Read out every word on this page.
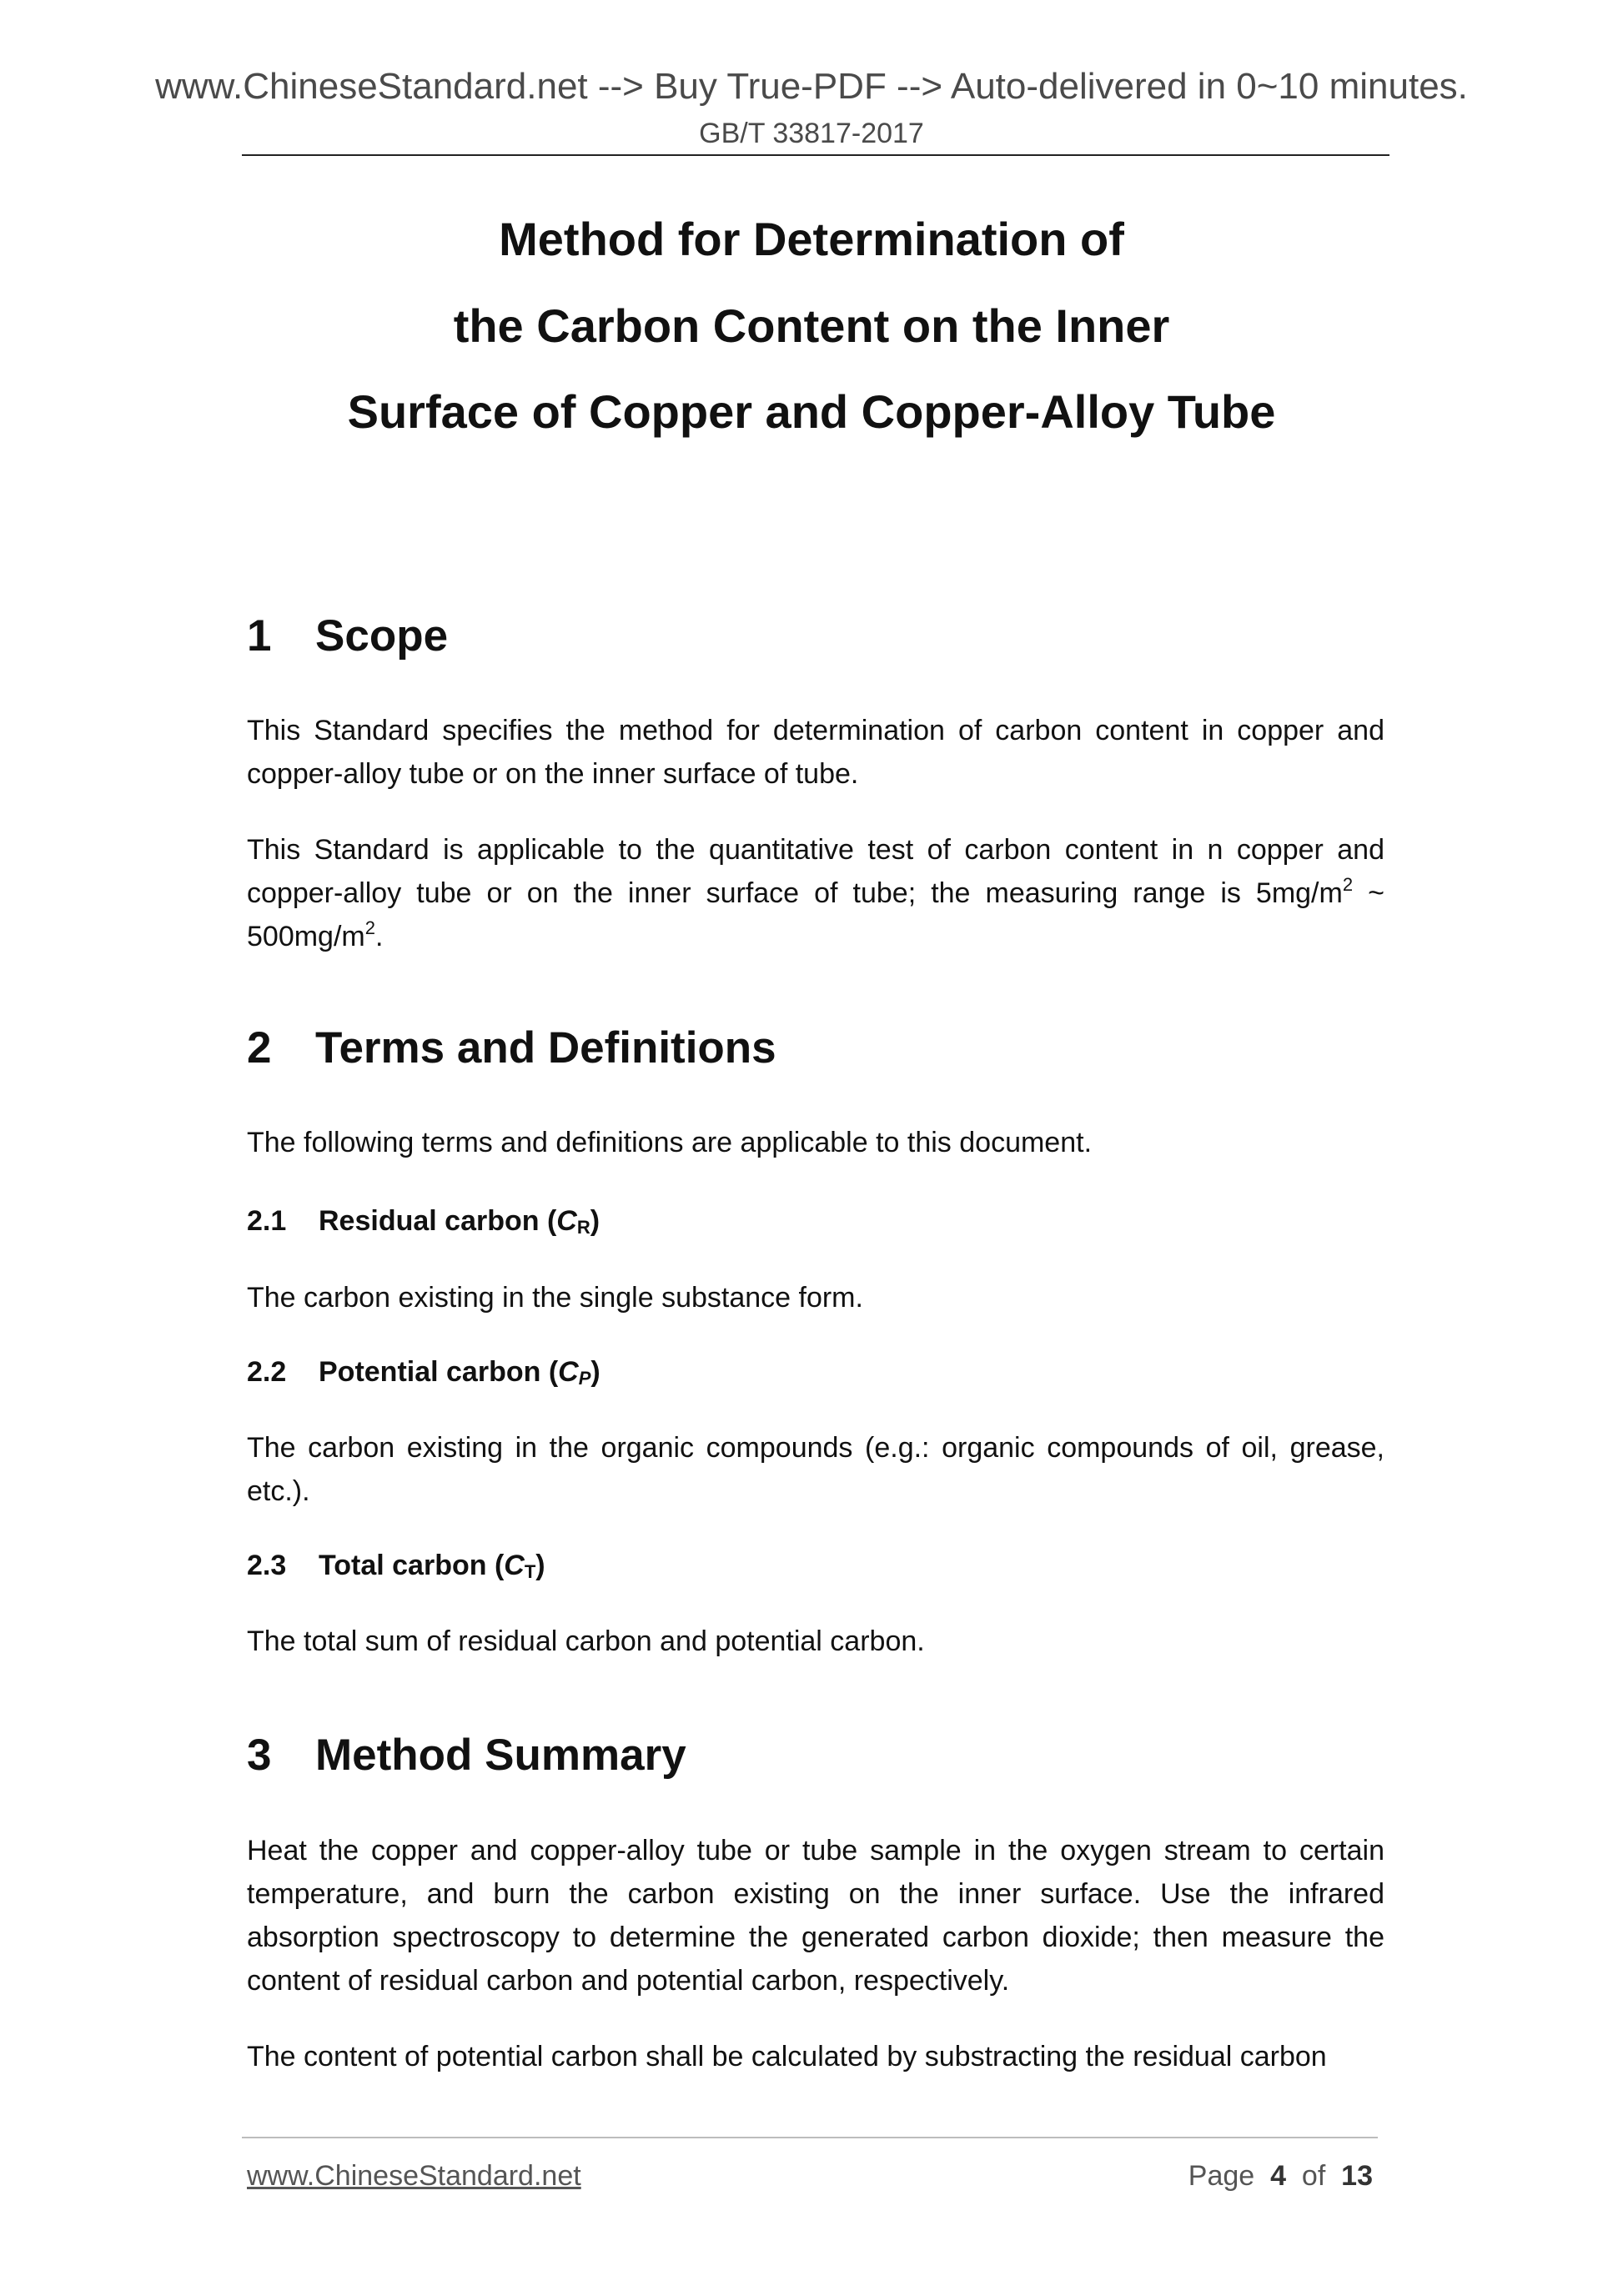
www.ChineseStandard.net --> Buy True-PDF --> Auto-delivered in 0~10 minutes.
GB/T 33817-2017
Method for Determination of
the Carbon Content on the Inner
Surface of Copper and Copper-Alloy Tube
1 Scope
This Standard specifies the method for determination of carbon content in copper and copper-alloy tube or on the inner surface of tube.
This Standard is applicable to the quantitative test of carbon content in n copper and
copper-alloy tube or on the inner surface of tube; the measuring range is $5mg/m^2$ ~
$500mg/m^2$.
2 Terms and Definitions
The following terms and definitions are applicable to this document.
2.1 Residual carbon $(C_R)$
The carbon existing in the single substance form.
2.2 Potential carbon $(C_P)$
The carbon existing in the organic compounds (e.g.: organic compounds of oil, grease, etc.).
2.3 Total carbon $(C_T)$
The total sum of residual carbon and potential carbon.
3 Method Summary
Heat the copper and copper-alloy tube or tube sample in the oxygen stream to certain temperature, and burn the carbon existing on the inner surface. Use the infrared absorption spectroscopy to determine the generated carbon dioxide; then measure the content of residual carbon and potential carbon, respectively.
The content of potential carbon shall be calculated by substracting the residual carbon
www.ChineseStandard.net	Page 4 of 13
